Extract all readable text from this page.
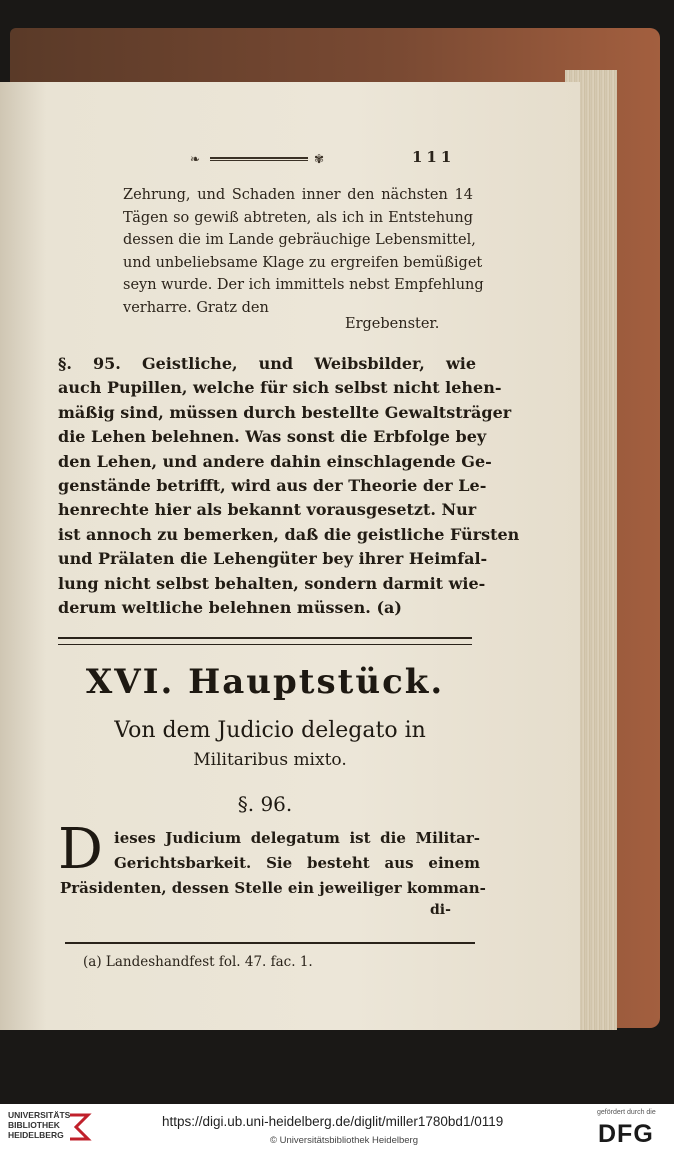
❧	✾	111
Zehrung, und Schaden inner den nächsten 14
Tägen so gewiß abtreten, als ich in Entstehung
dessen die im Lande gebräuchige Lebensmittel,
und unbeliebsame Klage zu ergreifen bemüßiget
seyn wurde. Der ich immittels nebst Empfehlung
verharre. Gratz den
Ergebenster.
§. 95. Geistliche, und Weibsbilder, wie
auch Pupillen, welche für sich selbst nicht lehen-
mäßig sind, müssen durch bestellte Gewaltsträger
die Lehen belehnen. Was sonst die Erbfolge bey
den Lehen, und andere dahin einschlagende Ge-
genstände betrifft, wird aus der Theorie der Le-
henrechte hier als bekannt vorausgesetzt. Nur
ist annoch zu bemerken, daß die geistliche Fürsten
und Prälaten die Lehengüter bey ihrer Heimfal-
lung nicht selbst behalten, sondern darmit wie-
derum weltliche belehnen müssen. (a)
XVI. Hauptstück.
Von dem Judicio delegato in
Militaribus mixto.
§. 96.
D ieses Judicium delegatum ist die Militar-
Gerichtsbarkeit. Sie besteht aus einem
Präsidenten, dessen Stelle ein jeweiliger komman-
di-
(a) Landeshandfest fol. 47. fac. 1.
UNIVERSITÄTS-
BIBLIOTHEK
HEIDELBERG
https://digi.ub.uni-heidelberg.de/diglit/miller1780bd1/0119
© Universitätsbibliothek Heidelberg
gefördert durch die
DFG
